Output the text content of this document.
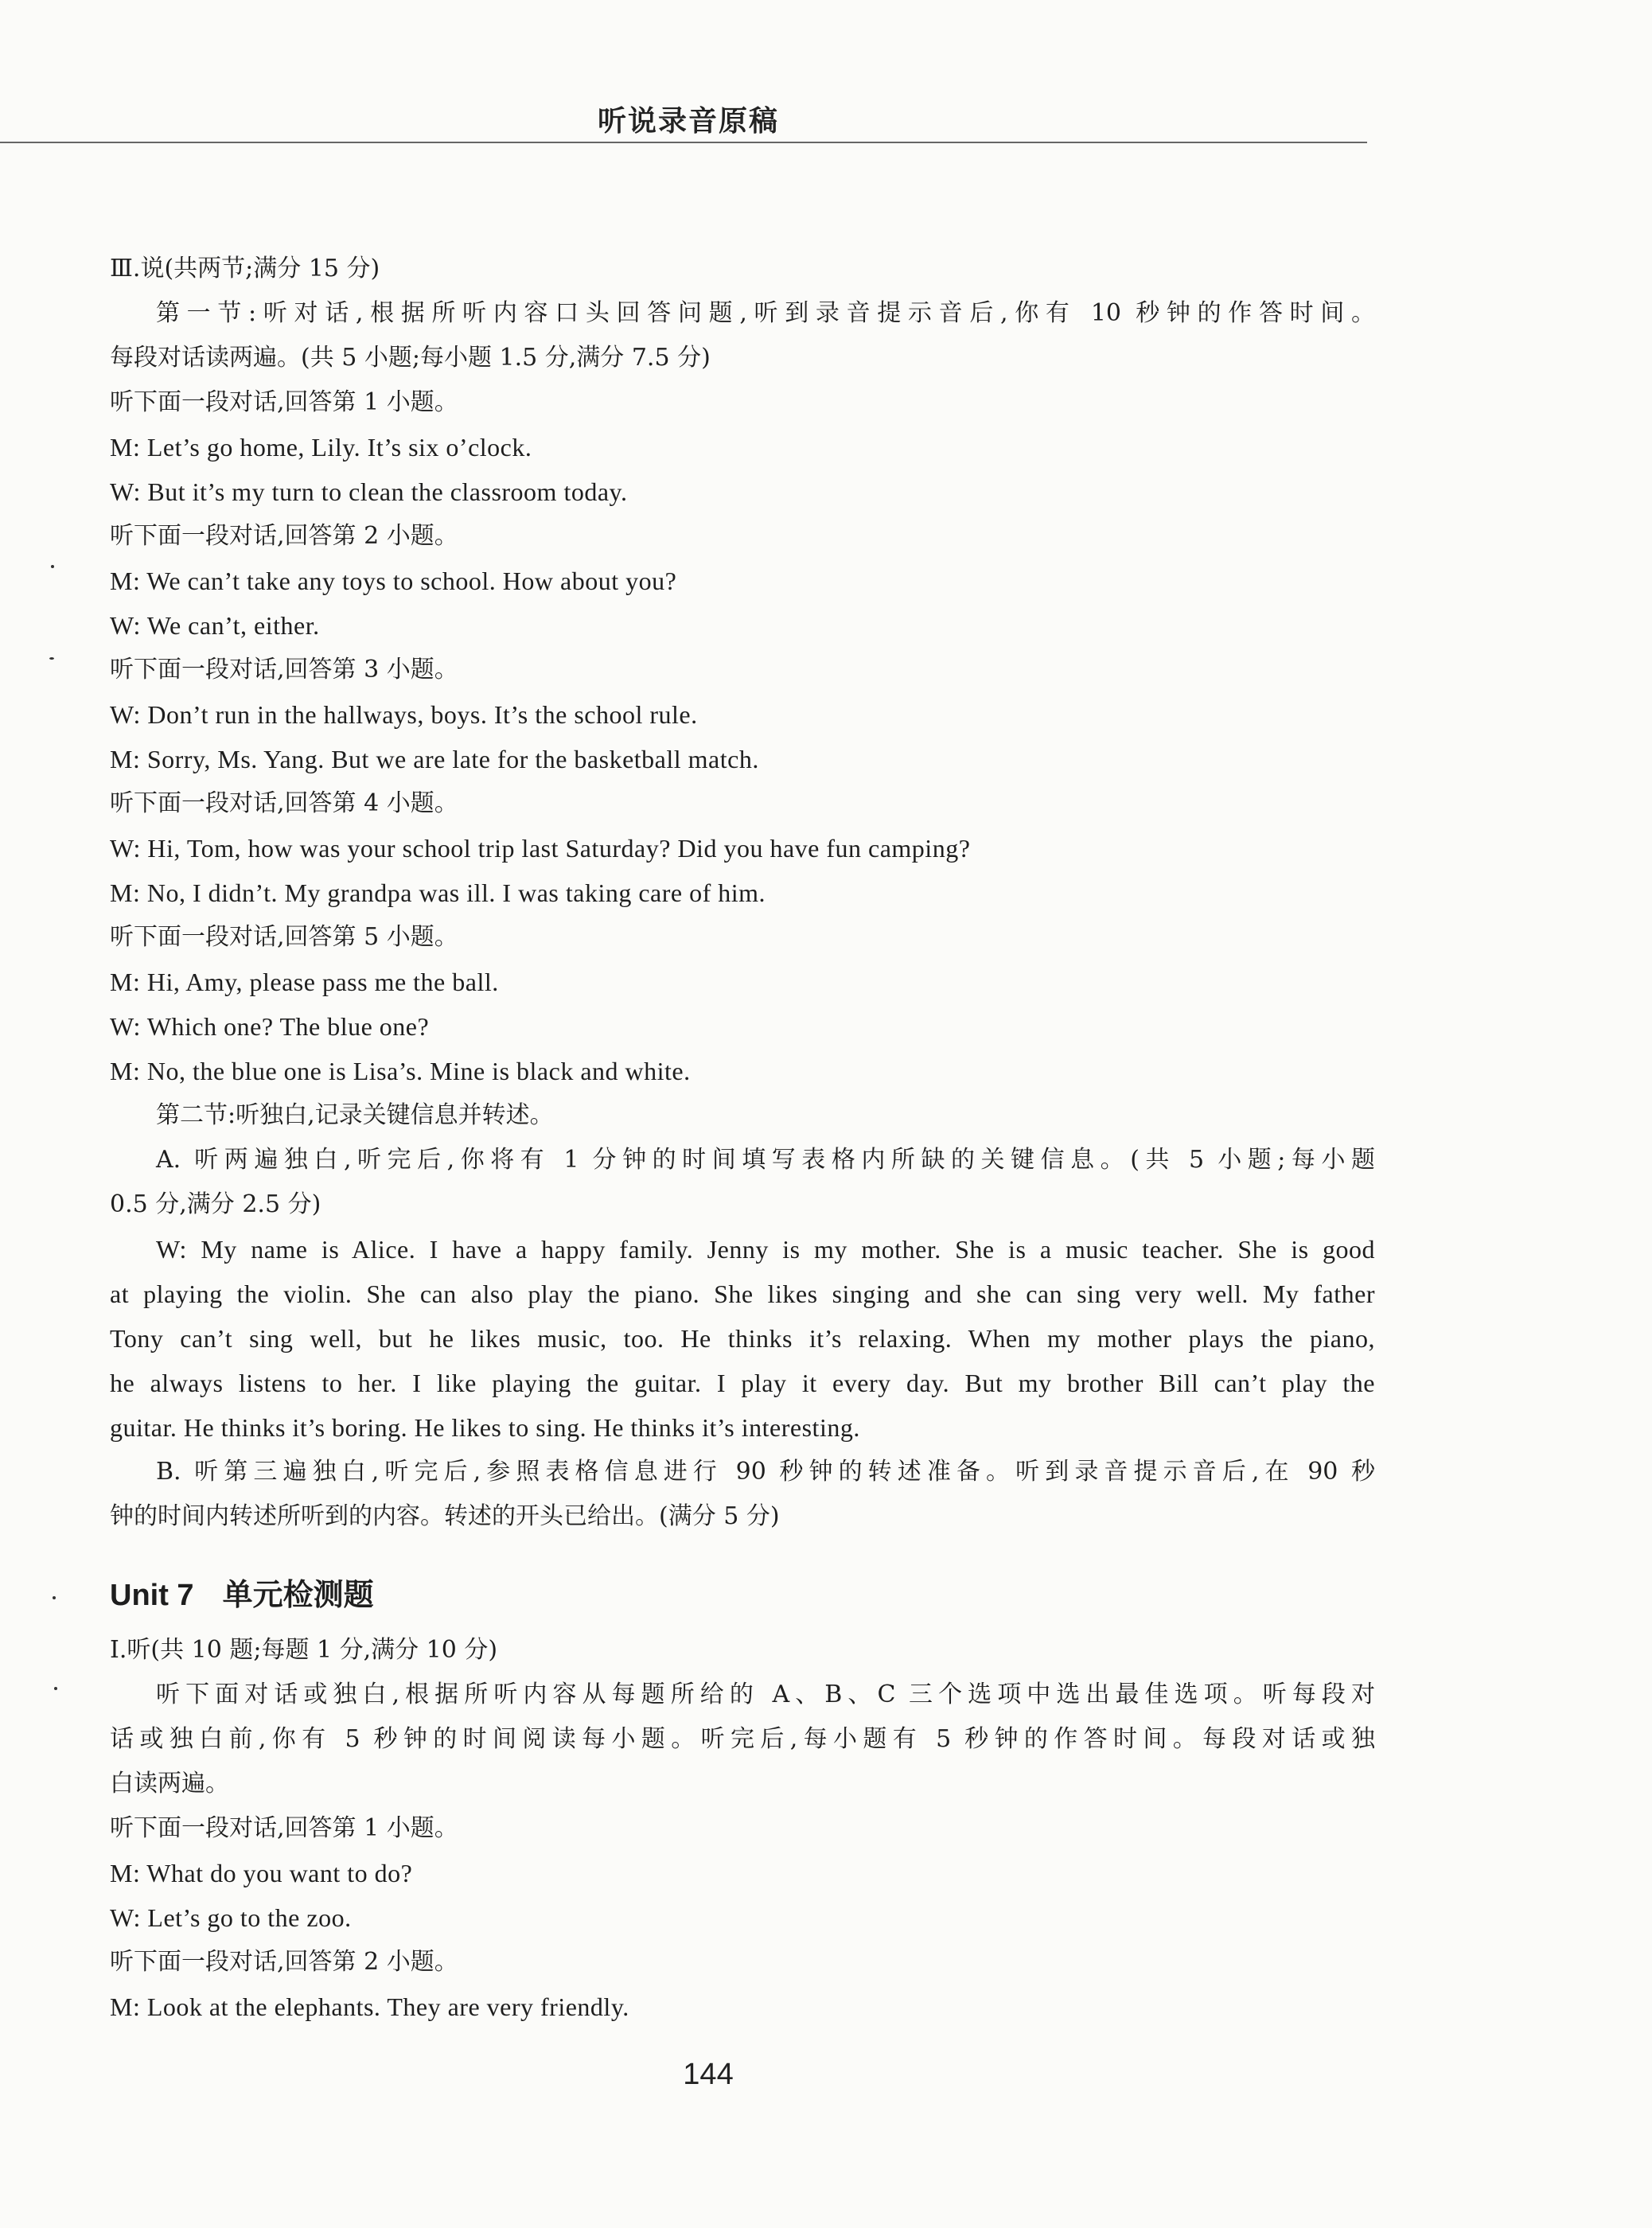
听说录音原稿
Ⅲ.说(共两节;满分 15 分)
第一节:听对话,根据所听内容口头回答问题,听到录音提示音后,你有 10 秒钟的作答时间。
每段对话读两遍。(共 5 小题;每小题 1.5 分,满分 7.5 分)
听下面一段对话,回答第 1 小题。
M: Let’s go home, Lily. It’s six o’clock.
W: But it’s my turn to clean the classroom today.
听下面一段对话,回答第 2 小题。
M: We can’t take any toys to school. How about you?
W: We can’t, either.
听下面一段对话,回答第 3 小题。
W: Don’t run in the hallways, boys. It’s the school rule.
M: Sorry, Ms. Yang. But we are late for the basketball match.
听下面一段对话,回答第 4 小题。
W: Hi, Tom, how was your school trip last Saturday? Did you have fun camping?
M: No, I didn’t. My grandpa was ill. I was taking care of him.
听下面一段对话,回答第 5 小题。
M: Hi, Amy, please pass me the ball.
W: Which one? The blue one?
M: No, the blue one is Lisa’s. Mine is black and white.
第二节:听独白,记录关键信息并转述。
A. 听两遍独白,听完后,你将有 1 分钟的时间填写表格内所缺的关键信息。(共 5 小题;每小题
0.5 分,满分 2.5 分)
W: My name is Alice. I have a happy family. Jenny is my mother. She is a music teacher. She is good
at playing the violin. She can also play the piano. She likes singing and she can sing very well. My father
Tony can’t sing well, but he likes music, too. He thinks it’s relaxing. When my mother plays the piano,
he always listens to her. I like playing the guitar. I play it every day. But my brother Bill can’t play the
guitar. He thinks it’s boring. He likes to sing. He thinks it’s interesting.
B. 听第三遍独白,听完后,参照表格信息进行 90 秒钟的转述准备。听到录音提示音后,在 90 秒
钟的时间内转述所听到的内容。转述的开头已给出。(满分 5 分)
Unit 7 单元检测题
Ⅰ.听(共 10 题;每题 1 分,满分 10 分)
听下面对话或独白,根据所听内容从每题所给的 A、B、C 三个选项中选出最佳选项。听每段对
话或独白前,你有 5 秒钟的时间阅读每小题。听完后,每小题有 5 秒钟的作答时间。每段对话或独
白读两遍。
听下面一段对话,回答第 1 小题。
M: What do you want to do?
W: Let’s go to the zoo.
听下面一段对话,回答第 2 小题。
M: Look at the elephants. They are very friendly.
144
